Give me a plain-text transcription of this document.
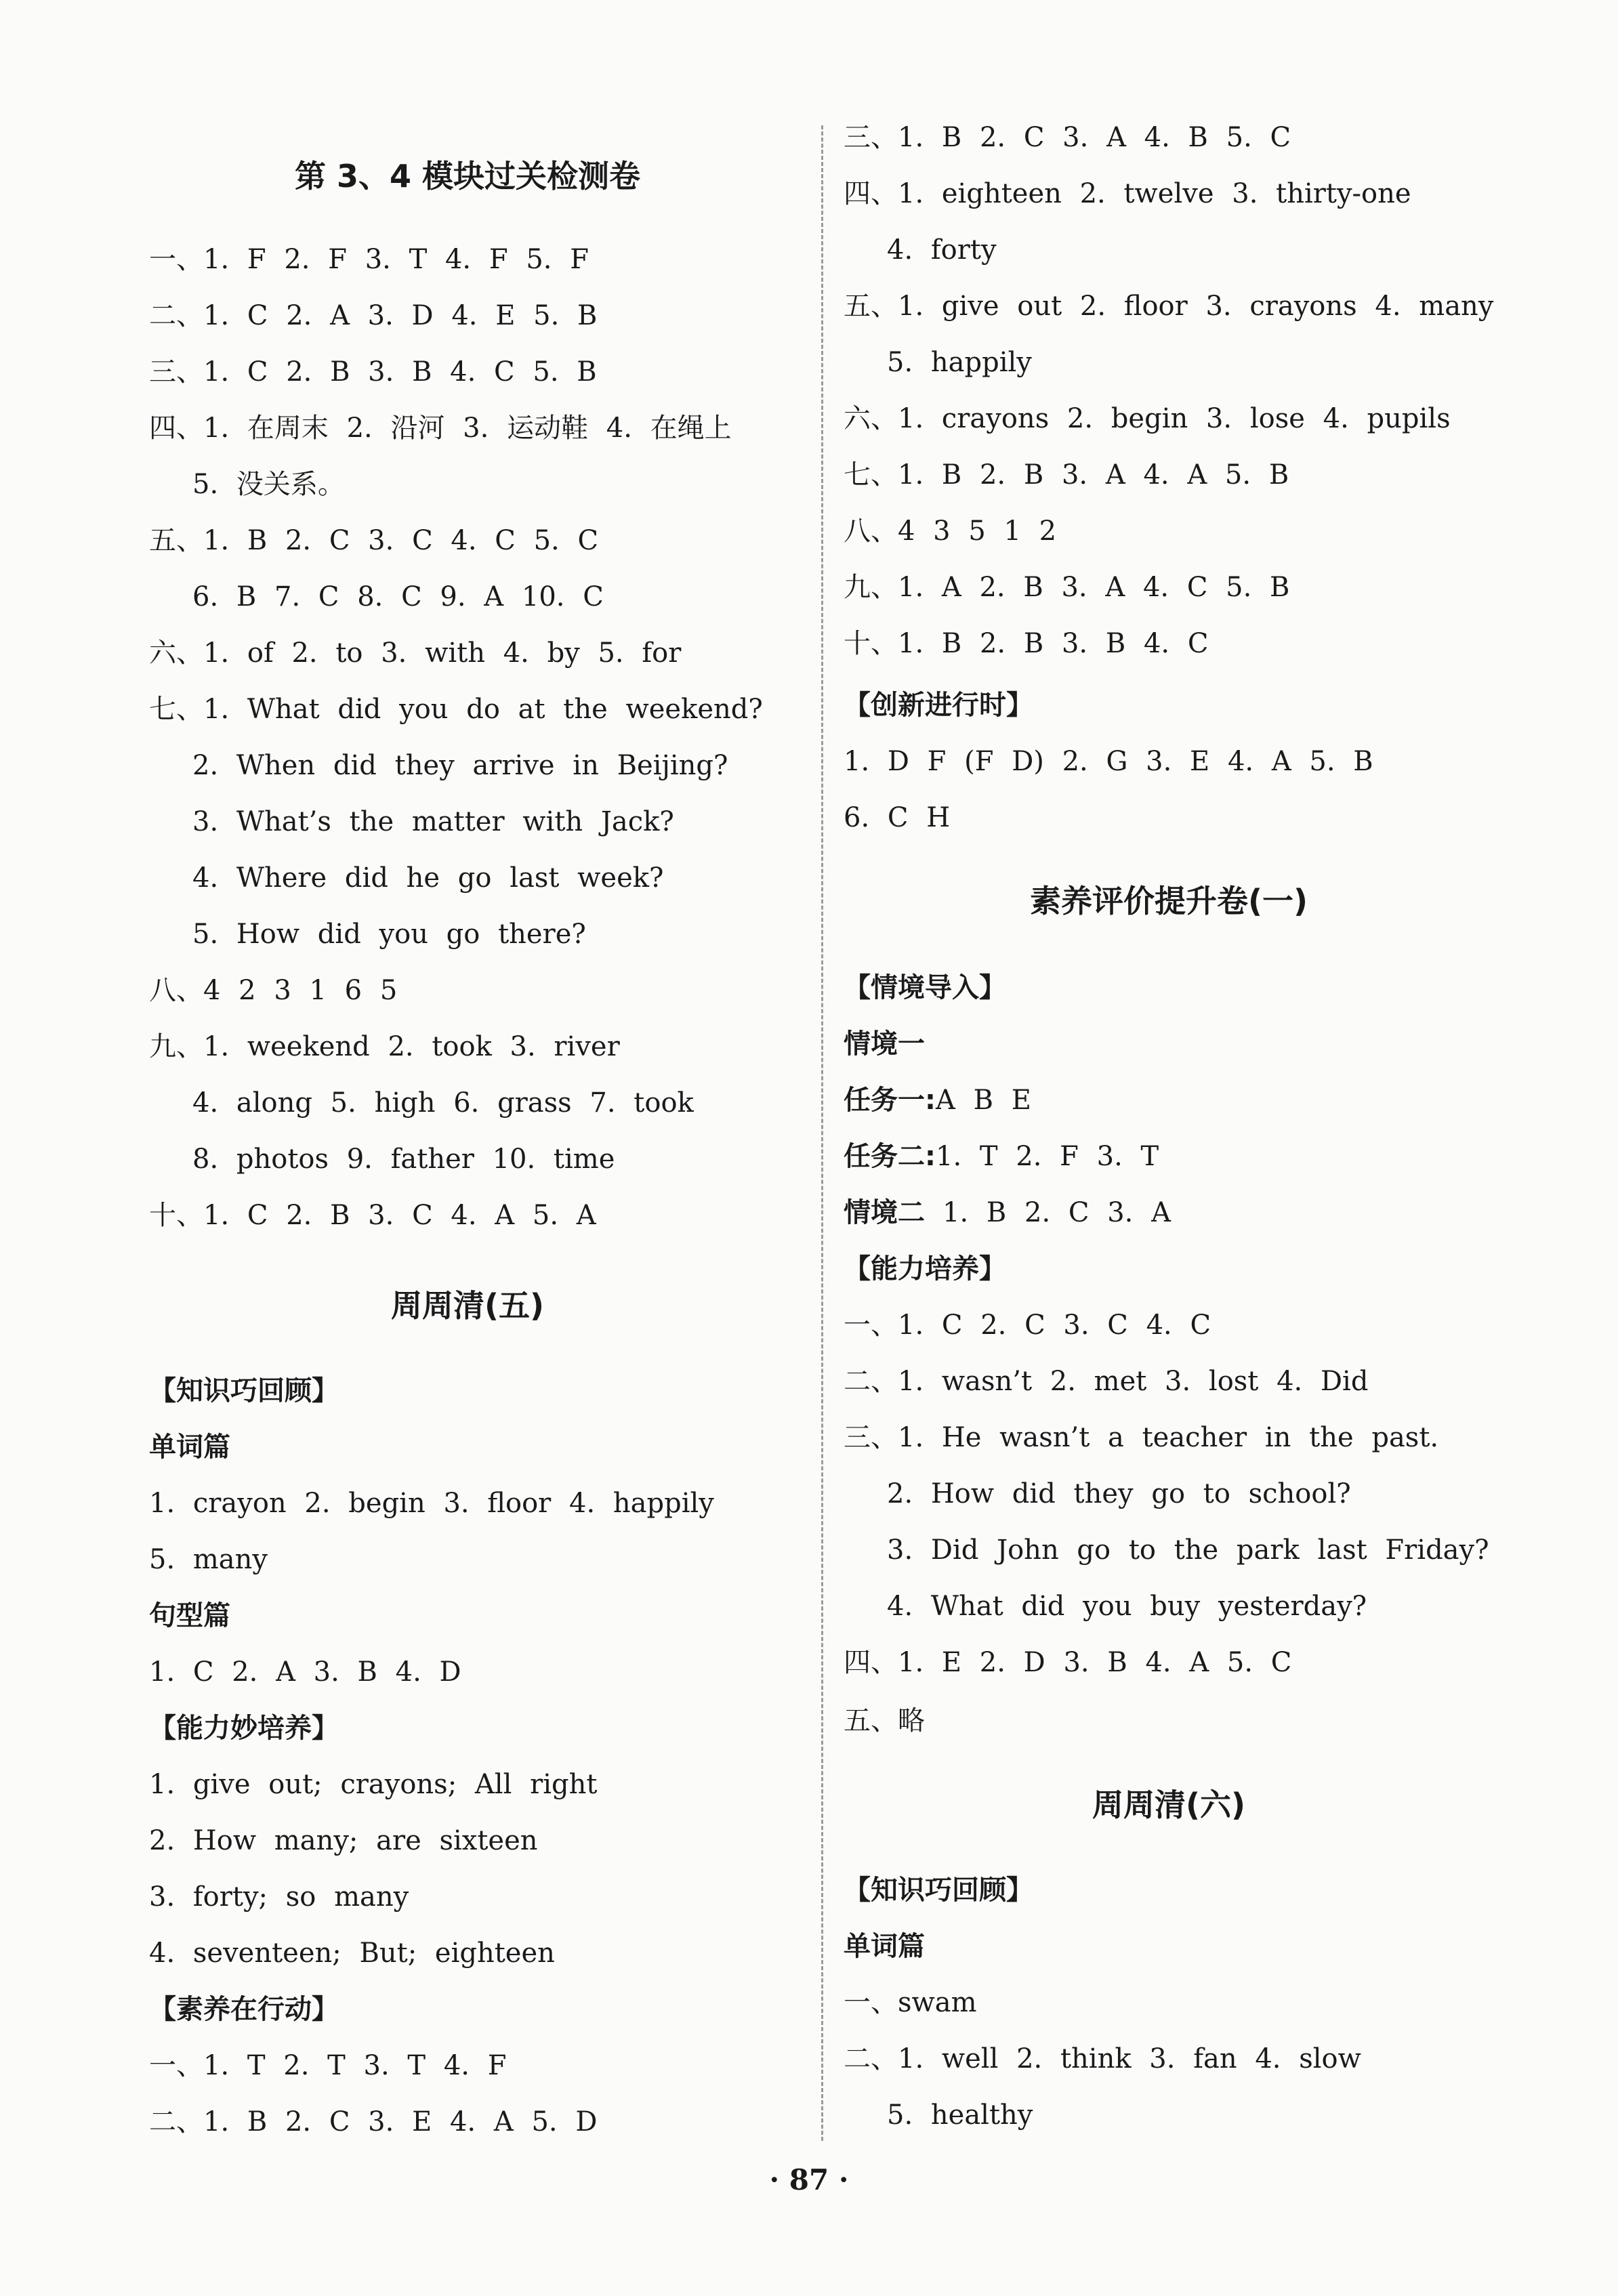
第 3、4 模块过关检测卷
一、1. F 2. F 3. T 4. F 5. F
二、1. C 2. A 3. D 4. E 5. B
三、1. C 2. B 3. B 4. C 5. B
四、1. 在周末 2. 沿河 3. 运动鞋 4. 在绳上
5. 没关系。
五、1. B 2. C 3. C 4. C 5. C
6. B 7. C 8. C 9. A 10. C
六、1. of 2. to 3. with 4. by 5. for
七、1. What did you do at the weekend?
2. When did they arrive in Beijing?
3. What’s the matter with Jack?
4. Where did he go last week?
5. How did you go there?
八、4 2 3 1 6 5
九、1. weekend 2. took 3. river
4. along 5. high 6. grass 7. took
8. photos 9. father 10. time
十、1. C 2. B 3. C 4. A 5. A
周周清(五)
【知识巧回顾】
单词篇
1. crayon 2. begin 3. floor 4. happily
5. many
句型篇
1. C 2. A 3. B 4. D
【能力妙培养】
1. give out; crayons; All right
2. How many; are sixteen
3. forty; so many
4. seventeen; But; eighteen
【素养在行动】
一、1. T 2. T 3. T 4. F
二、1. B 2. C 3. E 4. A 5. D
三、1. B 2. C 3. A 4. B 5. C
四、1. eighteen 2. twelve 3. thirty-one
4. forty
五、1. give out 2. floor 3. crayons 4. many
5. happily
六、1. crayons 2. begin 3. lose 4. pupils
七、1. B 2. B 3. A 4. A 5. B
八、4 3 5 1 2
九、1. A 2. B 3. A 4. C 5. B
十、1. B 2. B 3. B 4. C
【创新进行时】
1. D F (F D) 2. G 3. E 4. A 5. B
6. C H
素养评价提升卷(一)
【情境导入】
情境一
任务一:A B E
任务二:1. T 2. F 3. T
情境二 1. B 2. C 3. A
【能力培养】
一、1. C 2. C 3. C 4. C
二、1. wasn’t 2. met 3. lost 4. Did
三、1. He wasn’t a teacher in the past.
2. How did they go to school?
3. Did John go to the park last Friday?
4. What did you buy yesterday?
四、1. E 2. D 3. B 4. A 5. C
五、略
周周清(六)
【知识巧回顾】
单词篇
一、swam
二、1. well 2. think 3. fan 4. slow
5. healthy
· 87 ·
